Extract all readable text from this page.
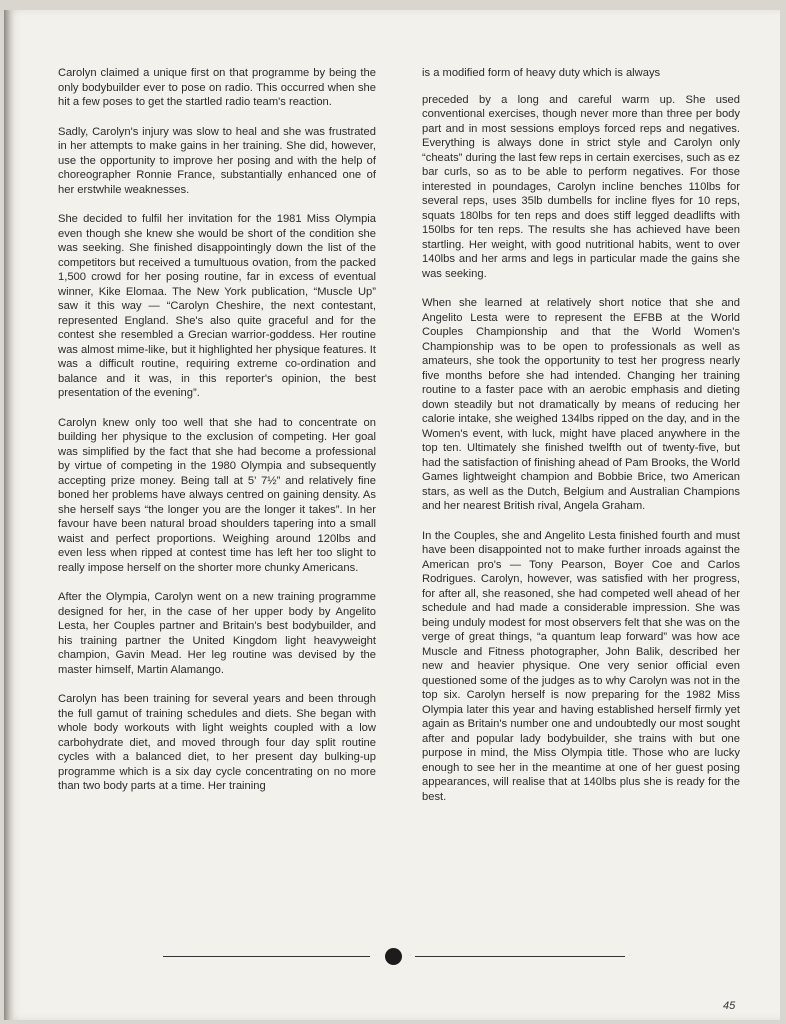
Carolyn claimed a unique first on that programme by being the only bodybuilder ever to pose on radio. This occurred when she hit a few poses to get the startled radio team's reaction.

Sadly, Carolyn's injury was slow to heal and she was frustrated in her attempts to make gains in her training. She did, however, use the opportunity to improve her posing and with the help of choreographer Ronnie France, substantially enhanced one of her erstwhile weaknesses.

She decided to fulfil her invitation for the 1981 Miss Olympia even though she knew she would be short of the condition she was seeking. She finished disappointingly down the list of the competitors but received a tumultuous ovation, from the packed 1,500 crowd for her posing routine, far in excess of eventual winner, Kike Elomaa. The New York publication, “Muscle Up” saw it this way — “Carolyn Cheshire, the next contestant, represented England. She's also quite graceful and for the contest she resembled a Grecian warrior-goddess. Her routine was almost mime-like, but it highlighted her physique features. It was a difficult routine, requiring extreme co-ordination and balance and it was, in this reporter's opinion, the best presentation of the evening”.

Carolyn knew only too well that she had to concentrate on building her physique to the exclusion of competing. Her goal was simplified by the fact that she had become a professional by virtue of competing in the 1980 Olympia and subsequently accepting prize money. Being tall at 5’ 7½” and relatively fine boned her problems have always centred on gaining density. As she herself says “the longer you are the longer it takes”. In her favour have been natural broad shoulders tapering into a small waist and perfect proportions. Weighing around 120lbs and even less when ripped at contest time has left her too slight to really impose herself on the shorter more chunky Americans.

After the Olympia, Carolyn went on a new training programme designed for her, in the case of her upper body by Angelito Lesta, her Couples partner and Britain's best bodybuilder, and his training partner the United Kingdom light heavyweight champion, Gavin Mead. Her leg routine was devised by the master himself, Martin Alamango.

Carolyn has been training for several years and been through the full gamut of training schedules and diets. She began with whole body workouts with light weights coupled with a low carbohydrate diet, and moved through four day split routine cycles with a balanced diet, to her present day bulking-up programme which is a six day cycle concentrating on no more than two body parts at a time. Her training

is a modified form of heavy duty which is always

preceded by a long and careful warm up. She used conventional exercises, though never more than three per body part and in most sessions employs forced reps and negatives. Everything is always done in strict style and Carolyn only “cheats” during the last few reps in certain exercises, such as ez bar curls, so as to be able to perform negatives. For those interested in poundages, Carolyn incline benches 110lbs for several reps, uses 35lb dumbells for incline flyes for 10 reps, squats 180lbs for ten reps and does stiff legged deadlifts with 150lbs for ten reps. The results she has achieved have been startling. Her weight, with good nutritional habits, went to over 140lbs and her arms and legs in particular made the gains she was seeking.

When she learned at relatively short notice that she and Angelito Lesta were to represent the EFBB at the World Couples Championship and that the World Women's Championship was to be open to professionals as well as amateurs, she took the opportunity to test her progress nearly five months before she had intended. Changing her training routine to a faster pace with an aerobic emphasis and dieting down steadily but not dramatically by means of reducing her calorie intake, she weighed 134lbs ripped on the day, and in the Women's event, with luck, might have placed anywhere in the top ten. Ultimately she finished twelfth out of twenty-five, but had the satisfaction of finishing ahead of Pam Brooks, the World Games lightweight champion and Bobbie Brice, two American stars, as well as the Dutch, Belgium and Australian Champions and her nearest British rival, Angela Graham.

In the Couples, she and Angelito Lesta finished fourth and must have been disappointed not to make further inroads against the American pro's — Tony Pearson, Boyer Coe and Carlos Rodrigues. Carolyn, however, was satisfied with her progress, for after all, she reasoned, she had competed well ahead of her schedule and had made a considerable impression. She was being unduly modest for most observers felt that she was on the verge of great things, “a quantum leap forward” was how ace Muscle and Fitness photographer, John Balik, described her new and heavier physique. One very senior official even questioned some of the judges as to why Carolyn was not in the top six. Carolyn herself is now preparing for the 1982 Miss Olympia later this year and having established herself firmly yet again as Britain's number one and undoubtedly our most sought after and popular lady bodybuilder, she trains with but one purpose in mind, the Miss Olympia title. Those who are lucky enough to see her in the meantime at one of her guest posing appearances, will realise that at 140lbs plus she is ready for the best.

45
